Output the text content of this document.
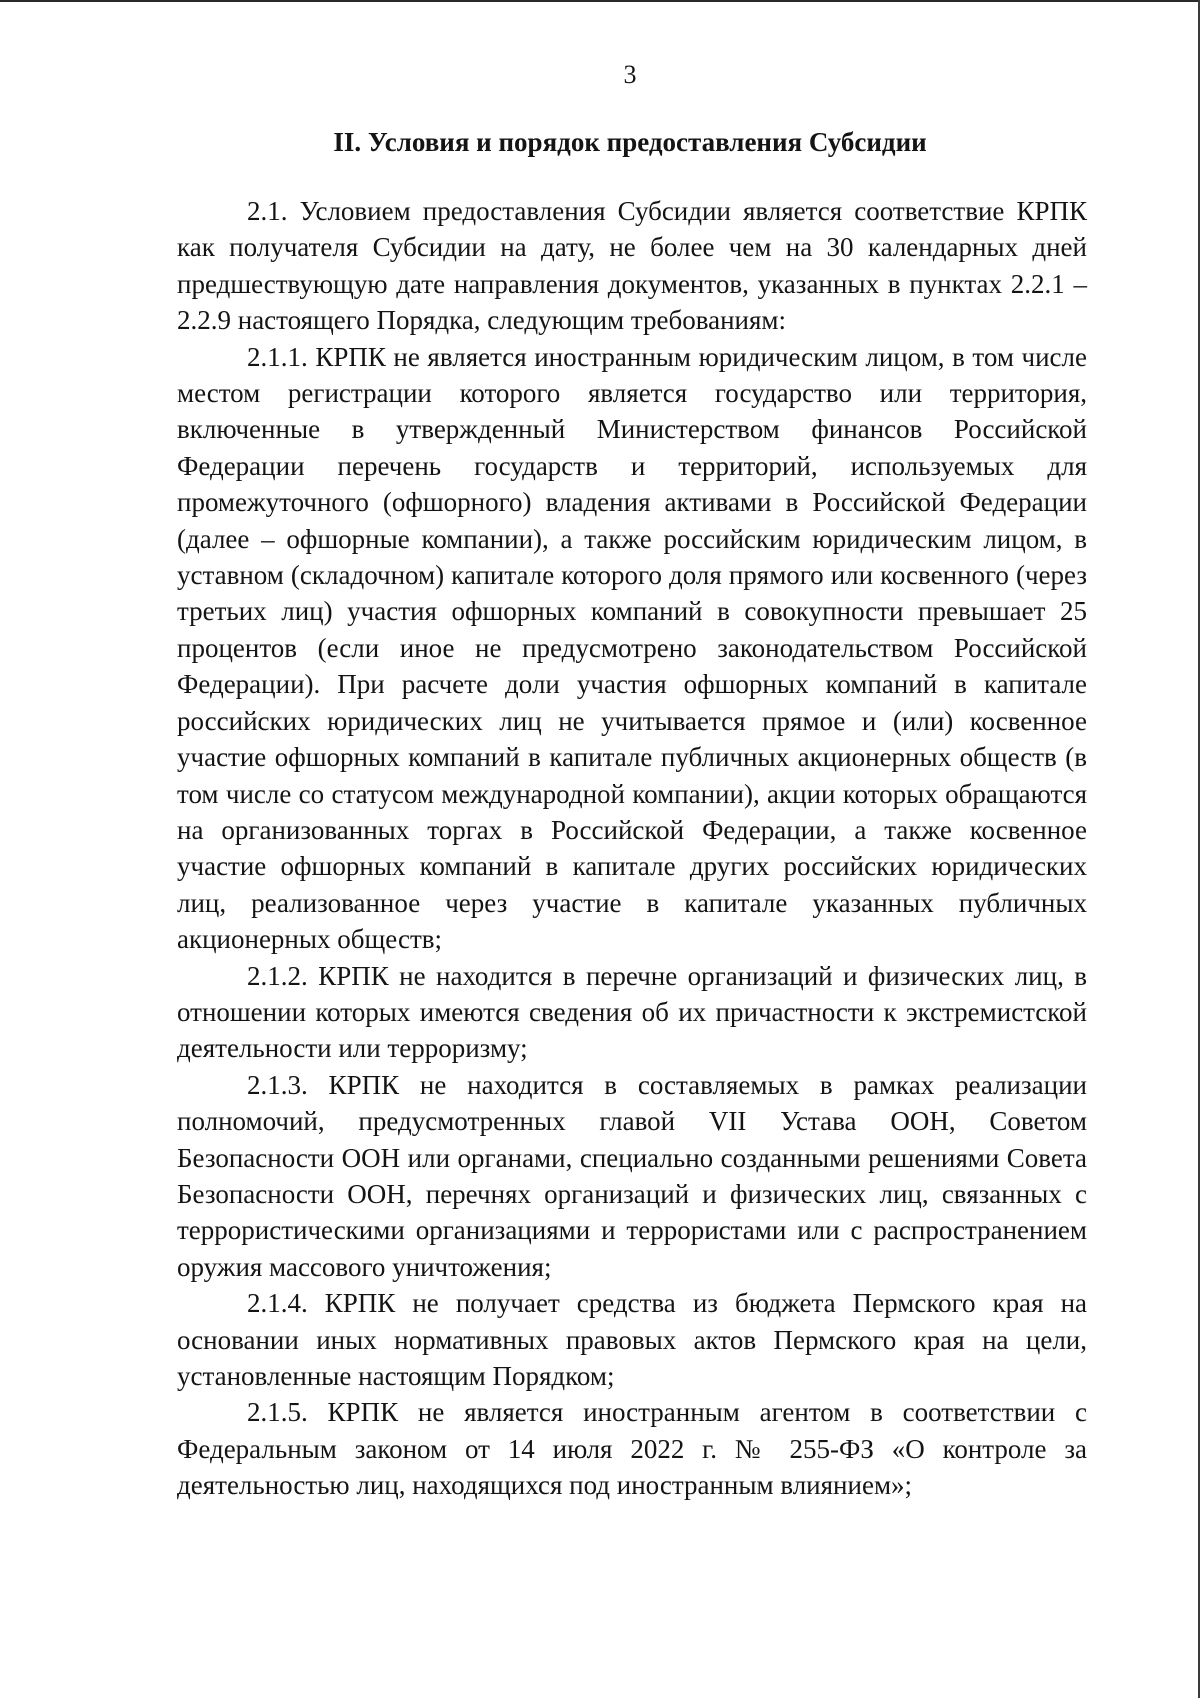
3
II. Условия и порядок предоставления Субсидии

2.1. Условием предоставления Субсидии является соответствие КРПК как получателя Субсидии на дату, не более чем на 30 календарных дней предшествующую дате направления документов, указанных в пунктах 2.2.1 – 2.2.9 настоящего Порядка, следующим требованиям:

2.1.1. КРПК не является иностранным юридическим лицом, в том числе местом регистрации которого является государство или территория, включенные в утвержденный Министерством финансов Российской Федерации перечень государств и территорий, используемых для промежуточного (офшорного) владения активами в Российской Федерации (далее – офшорные компании), а также российским юридическим лицом, в уставном (складочном) капитале которого доля прямого или косвенного (через третьих лиц) участия офшорных компаний в совокупности превышает 25 процентов (если иное не предусмотрено законодательством Российской Федерации). При расчете доли участия офшорных компаний в капитале российских юридических лиц не учитывается прямое и (или) косвенное участие офшорных компаний в капитале публичных акционерных обществ (в том числе со статусом международной компании), акции которых обращаются на организованных торгах в Российской Федерации, а также косвенное участие офшорных компаний в капитале других российских юридических лиц, реализованное через участие в капитале указанных публичных акционерных обществ;

2.1.2. КРПК не находится в перечне организаций и физических лиц, в отношении которых имеются сведения об их причастности к экстремистской деятельности или терроризму;

2.1.3. КРПК не находится в составляемых в рамках реализации полномочий, предусмотренных главой VII Устава ООН, Советом Безопасности ООН или органами, специально созданными решениями Совета Безопасности ООН, перечнях организаций и физических лиц, связанных с террористическими организациями и террористами или с распространением оружия массового уничтожения;

2.1.4. КРПК не получает средства из бюджета Пермского края на основании иных нормативных правовых актов Пермского края на цели, установленные настоящим Порядком;

2.1.5. КРПК не является иностранным агентом в соответствии с Федеральным законом от 14 июля 2022 г. № 255-ФЗ «О контроле за деятельностью лиц, находящихся под иностранным влиянием»;
